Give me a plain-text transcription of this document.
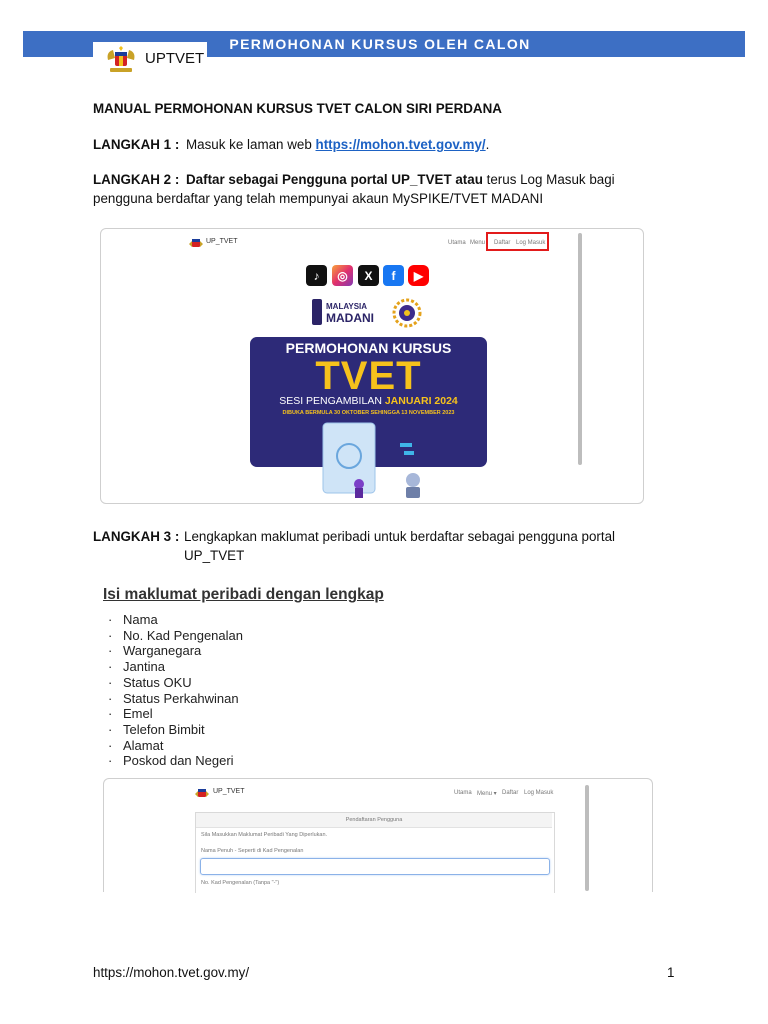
PERMOHONAN KURSUS OLEH CALON
UPTVET
MANUAL PERMOHONAN KURSUS TVET CALON SIRI PERDANA
LANGKAH 1 : Masuk ke laman web https://mohon.tvet.gov.my/.
LANGKAH 2 : Daftar sebagai Pengguna portal UP_TVET atau terus Log Masuk bagi
pengguna berdaftar yang telah mempunyai akaun MySPIKE/TVET MADANI
UP_TVET	Utama Menu Daftar Log Masuk
♪	◎	X	f	▶
MALAYSIA
MADANI
PERMOHONAN KURSUS
TVET
SESI PENGAMBILAN JANUARI 2024
DIBUKA BERMULA 30 OKTOBER SEHINGGA 13 NOVEMBER 2023
LANGKAH 3 : Lengkapkan maklumat peribadi untuk berdaftar sebagai pengguna portal
UP_TVET
Isi maklumat peribadi dengan lengkap
· Nama
· No. Kad Pengenalan
· Warganegara
· Jantina
· Status OKU
· Status Perkahwinan
· Emel
· Telefon Bimbit
· Alamat
· Poskod dan Negeri
UP_TVET	Utama Menu ▾ Daftar Log Masuk
Pendaftaran Pengguna
Sila Masukkan Maklumat Peribadi Yang Diperlukan.
Nama Penuh - Seperti di Kad Pengenalan
No. Kad Pengenalan (Tanpa "-")
https://mohon.tvet.gov.my/	1
